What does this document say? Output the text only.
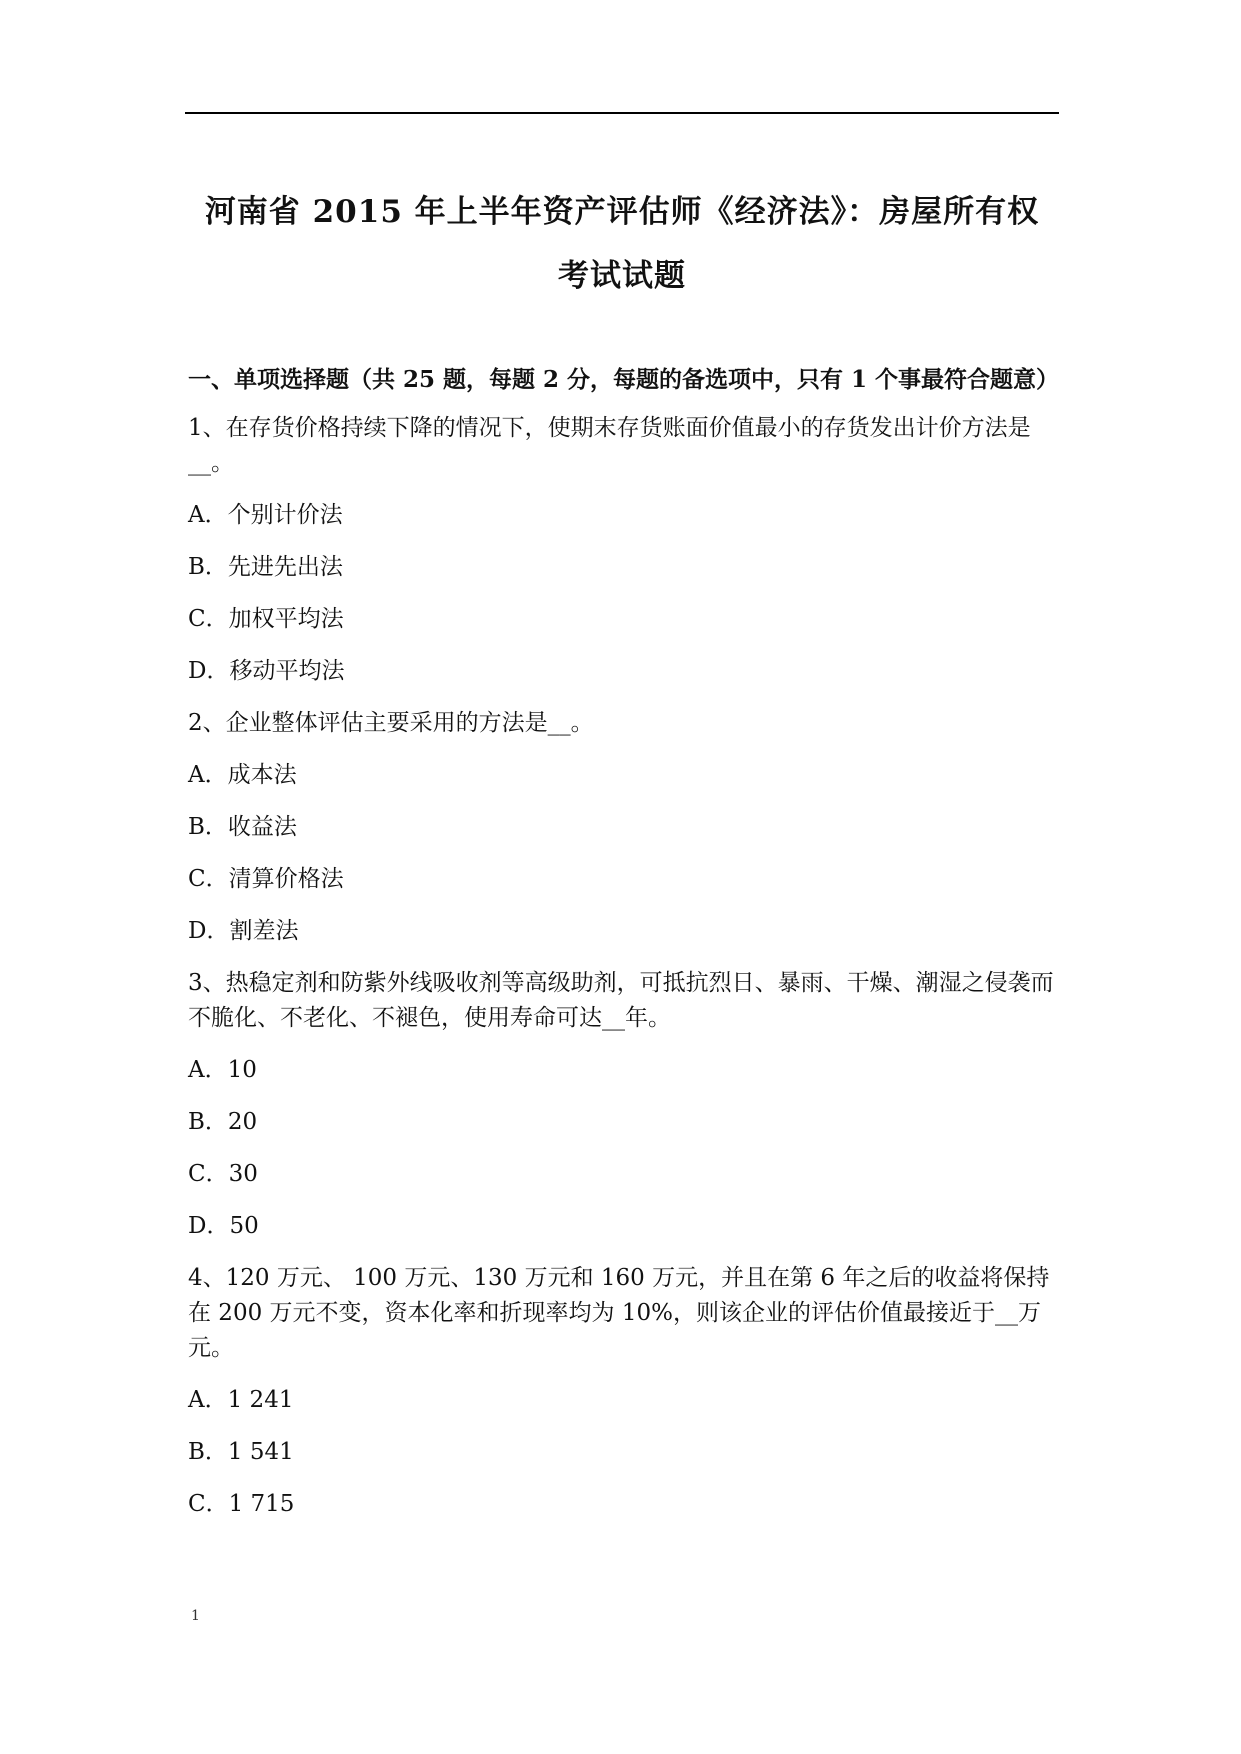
河南省 2015 年上半年资产评估师《经济法》：房屋所有权
考试试题

一、单项选择题（共 25 题，每题 2 分，每题的备选项中，只有 1 个事最符合题意）

1、在存货价格持续下降的情况下，使期末存货账面价值最小的存货发出计价方法是__。

A．个别计价法

B．先进先出法

C．加权平均法

D．移动平均法

2、企业整体评估主要采用的方法是__。

A．成本法

B．收益法

C．清算价格法

D．割差法

3、热稳定剂和防紫外线吸收剂等高级助剂，可抵抗烈日、暴雨、干燥、潮湿之侵袭而不脆化、不老化、不褪色，使用寿命可达__年。

A．10

B．20

C．30

D．50

4、120 万元、 100 万元、130 万元和 160 万元，并且在第 6 年之后的收益将保持在 200 万元不变，资本化率和折现率均为 10%，则该企业的评估价值最接近于__万元。

A．1 241

B．1 541

C．1 715

1
